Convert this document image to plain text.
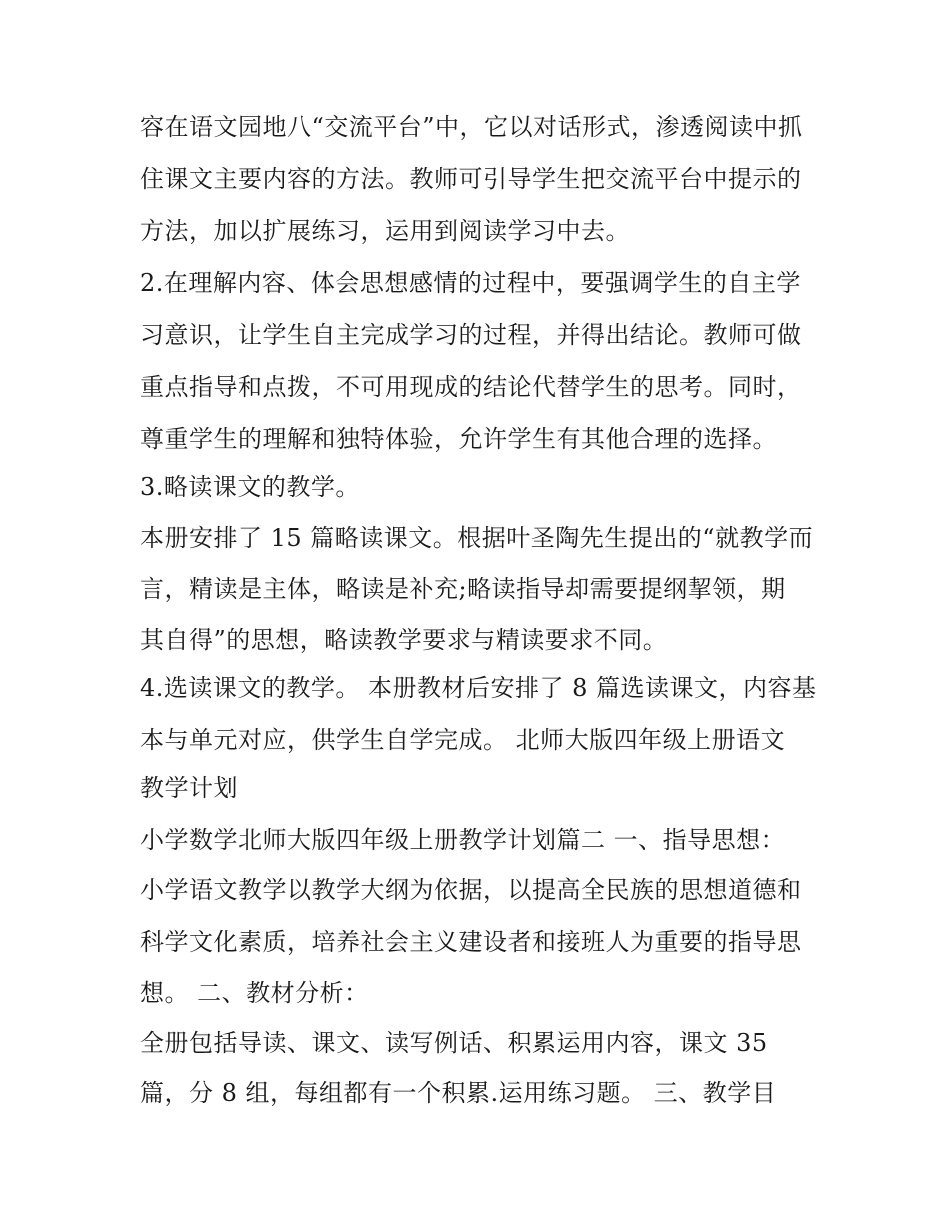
容在语文园地八“交流平台”中，它以对话形式，渗透阅读中抓
住课文主要内容的方法。教师可引导学生把交流平台中提示的
方法，加以扩展练习，运用到阅读学习中去。
2.在理解内容、体会思想感情的过程中，要强调学生的自主学
习意识，让学生自主完成学习的过程，并得出结论。教师可做
重点指导和点拨，不可用现成的结论代替学生的思考。同时，
尊重学生的理解和独特体验，允许学生有其他合理的选择。
3.略读课文的教学。
本册安排了 15 篇略读课文。根据叶圣陶先生提出的“就教学而
言，精读是主体，略读是补充;略读指导却需要提纲挈领，期
其自得”的思想，略读教学要求与精读要求不同。
4.选读课文的教学。 本册教材后安排了 8 篇选读课文，内容基
本与单元对应，供学生自学完成。 北师大版四年级上册语文
教学计划
小学数学北师大版四年级上册教学计划篇二 一、指导思想：
小学语文教学以教学大纲为依据，以提高全民族的思想道德和
科学文化素质，培养社会主义建设者和接班人为重要的指导思
想。 二、教材分析：
全册包括导读、课文、读写例话、积累运用内容，课文 35
篇，分 8 组，每组都有一个积累.运用练习题。 三、教学目
